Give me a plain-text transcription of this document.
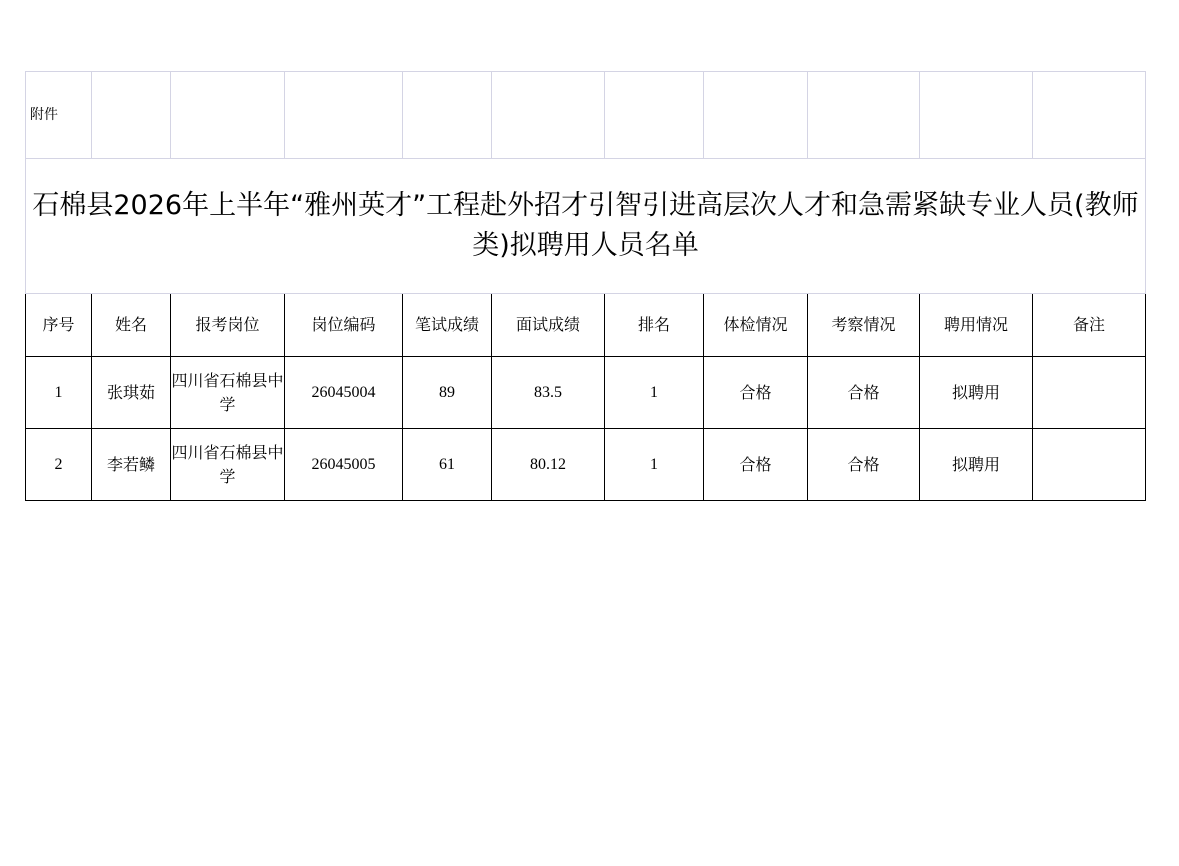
附件										
石棉县2026年上半年“雅州英才”工程赴外招才引智引进高层次人才和急需紧缺专业人员(教师类)拟聘用人员名单										
序号	姓名	报考岗位	岗位编码	笔试成绩	面试成绩	排名	体检情况	考察情况	聘用情况	备注
1	张琪茹	四川省石棉县中学	26045004	89	83.5	1	合格	合格	拟聘用	
2	李若鳞	四川省石棉县中学	26045005	61	80.12	1	合格	合格	拟聘用	
